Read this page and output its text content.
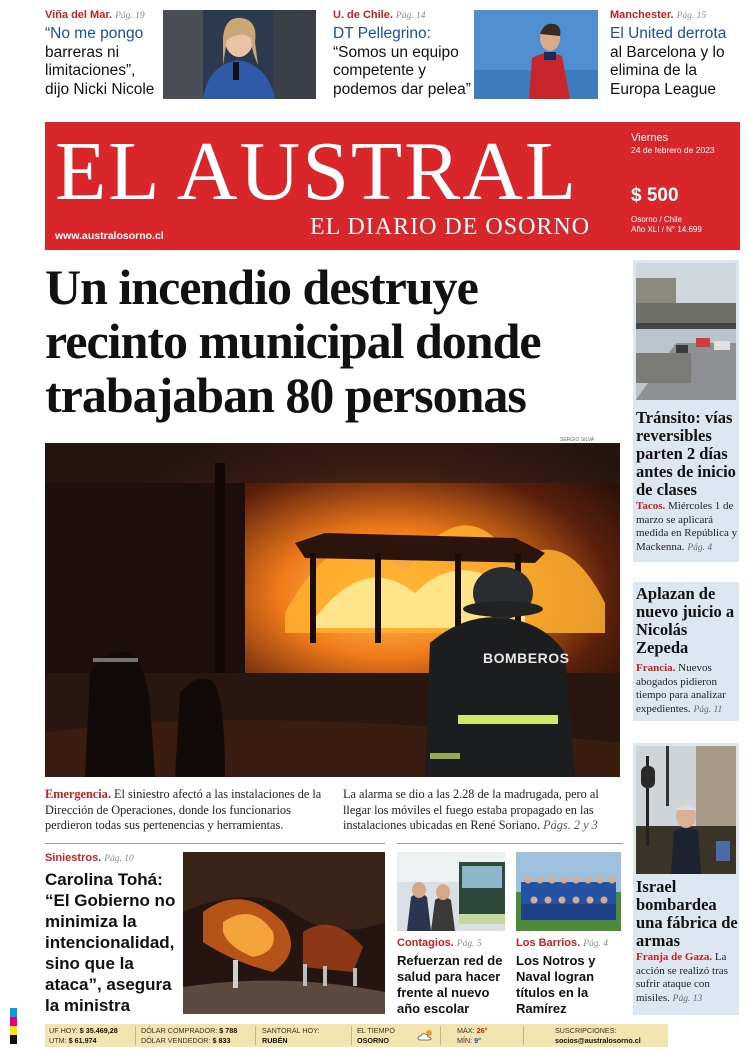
Viña del Mar. Pág. 19
“No me pongo barreras ni limitaciones”, dijo Nicki Nicole
U. de Chile. Pág. 14
DT Pellegrino:
“Somos un equipo competente y podemos dar pelea”
Manchester. Pág. 15
El United derrota
al Barcelona y lo elimina de la Europa League
EL AUSTRAL
EL DIARIO DE OSORNO
www.australosorno.cl
Viernes
24 de febrero de 2023
$ 500
Osorno / Chile
Año XLI / N° 14.699
Un incendio destruye recinto municipal donde trabajaban 80 personas
SERGIO SILVA
BOMBEROS
Emergencia. El siniestro afectó a las instalaciones de la Dirección de Operaciones, donde los funcionarios perdieron todas sus pertenencias y herramientas.
La alarma se dio a las 2.28 de la madrugada, pero al llegar los móviles el fuego estaba propagado en las instalaciones ubicadas en René Soriano. Págs. 2 y 3
Tránsito: vías reversibles parten 2 días antes de inicio de clases
Tacos. Miércoles 1 de marzo se aplicará medida en República y Mackenna. Pág. 4
Aplazan de nuevo juicio a Nicolás Zepeda
Francia. Nuevos abogados pidieron tiempo para analizar expedientes. Pág. 11
Israel bombardea una fábrica de armas
Franja de Gaza. La acción se realizó tras sufrir ataque con misiles. Pág. 13
Siniestros. Pág. 10
Carolina Tohá: “El Gobierno no minimiza la intencionalidad, sino que la ataca”, asegura la ministra
Contagios. Pág. 5
Refuerzan red de salud para hacer frente al nuevo año escolar
Los Barrios. Pág. 4
Los Notros y Naval logran títulos en la Ramírez
UF HOY: $ 35.469,28
UTM: $ 61.974
DÓLAR COMPRADOR: $ 788
DÓLAR VENDEDOR: $ 833
SANTORAL HOY:
RUBÉN
EL TIEMPO
OSORNO
MÁX: 26°
MÍN: 9°
SUSCRIPCIONES:
socios@australosorno.cl
